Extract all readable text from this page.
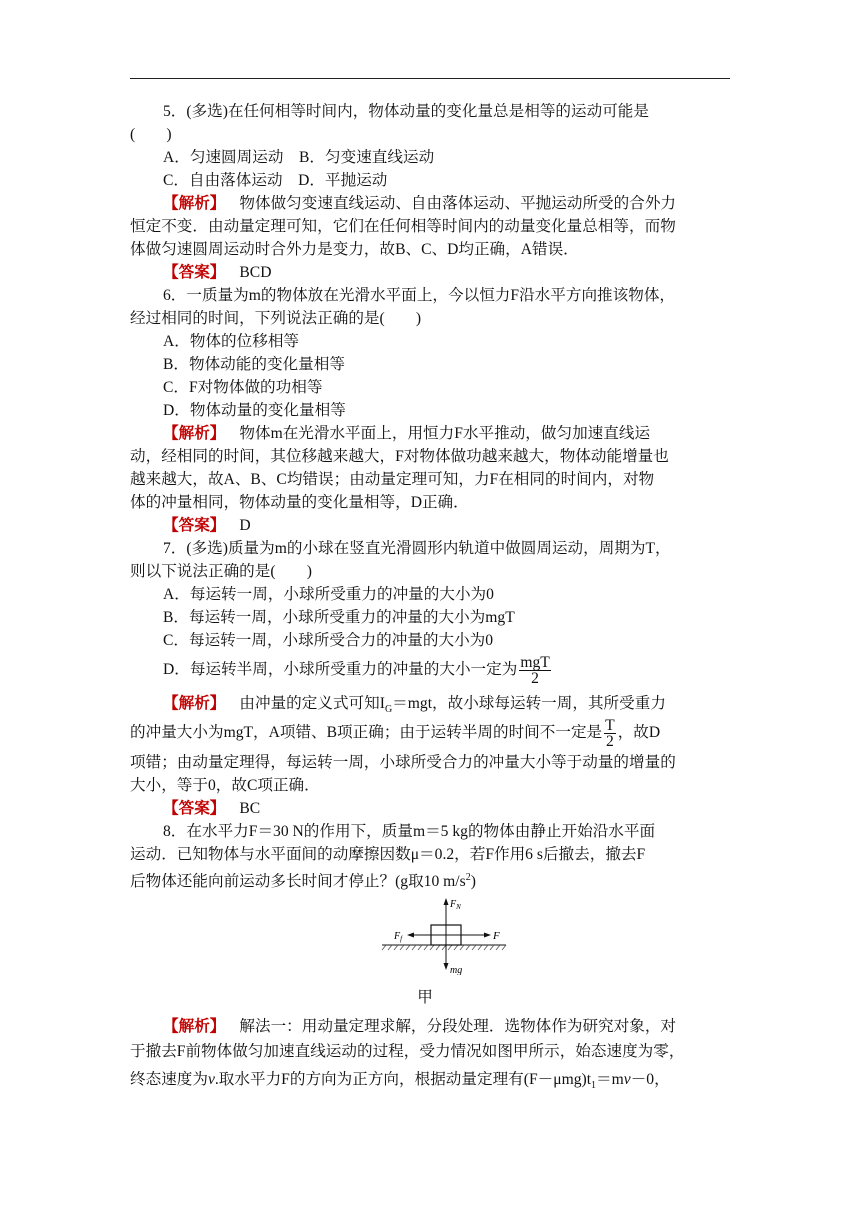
5．(多选)在任何相等时间内，物体动量的变化量总是相等的运动可能是
(　　)
A．匀速圆周运动　B．匀变速直线运动
C．自由落体运动　D．平抛运动
【解析】 物体做匀变速直线运动、自由落体运动、平抛运动所受的合外力
恒定不变．由动量定理可知，它们在任何相等时间内的动量变化量总相等，而物
体做匀速圆周运动时合外力是变力，故B、C、D均正确，A错误．
【答案】 BCD
6．一质量为m的物体放在光滑水平面上，今以恒力F沿水平方向推该物体，
经过相同的时间，下列说法正确的是(　　)
A．物体的位移相等
B．物体动能的变化量相等
C．F对物体做的功相等
D．物体动量的变化量相等
【解析】 物体m在光滑水平面上，用恒力F水平推动，做匀加速直线运
动，经相同的时间，其位移越来越大，F对物体做功越来越大，物体动能增量也
越来越大，故A、B、C均错误；由动量定理可知，力F在相同的时间内，对物
体的冲量相同，物体动量的变化量相等，D正确．
【答案】 D
7．(多选)质量为m的小球在竖直光滑圆形内轨道中做圆周运动，周期为T，
则以下说法正确的是(　　)
A．每运转一周，小球所受重力的冲量的大小为0
B．每运转一周，小球所受重力的冲量的大小为mgT
C．每运转一周，小球所受合力的冲量的大小为0
D．每运转半周，小球所受重力的冲量的大小一定为 $\frac{\text{mgT}}{2}$
【解析】 由冲量的定义式可知$I_G=mgt$，故小球每运转一周，其所受重力
的冲量大小为mgT，A项错、B项正确；由于运转半周的时间不一定是 $\frac{T}{2}$ ，故D
项错；由动量定理得，每运转一周，小球所受合力的冲量大小等于动量的增量的
大小，等于0，故C项正确．
【答案】 BC
8．在水平力F＝30 N的作用下，质量m＝5 kg的物体由静止开始沿水平面
运动．已知物体与水平面间的动摩擦因数μ＝0.2，若F作用6 s后撤去，撤去F
后物体还能向前运动多长时间才停止？(g取10 $m/s^2$)
$F_N$
$F_f$	F
mg
甲
【解析】 解法一：用动量定理求解，分段处理．选物体作为研究对象，对
于撤去F前物体做匀加速直线运动的过程，受力情况如图甲所示，始态速度为零，
终态速度为v.取水平力F的方向为正方向，根据动量定理有$(F-\mu mg)t_1=mv-0$，
